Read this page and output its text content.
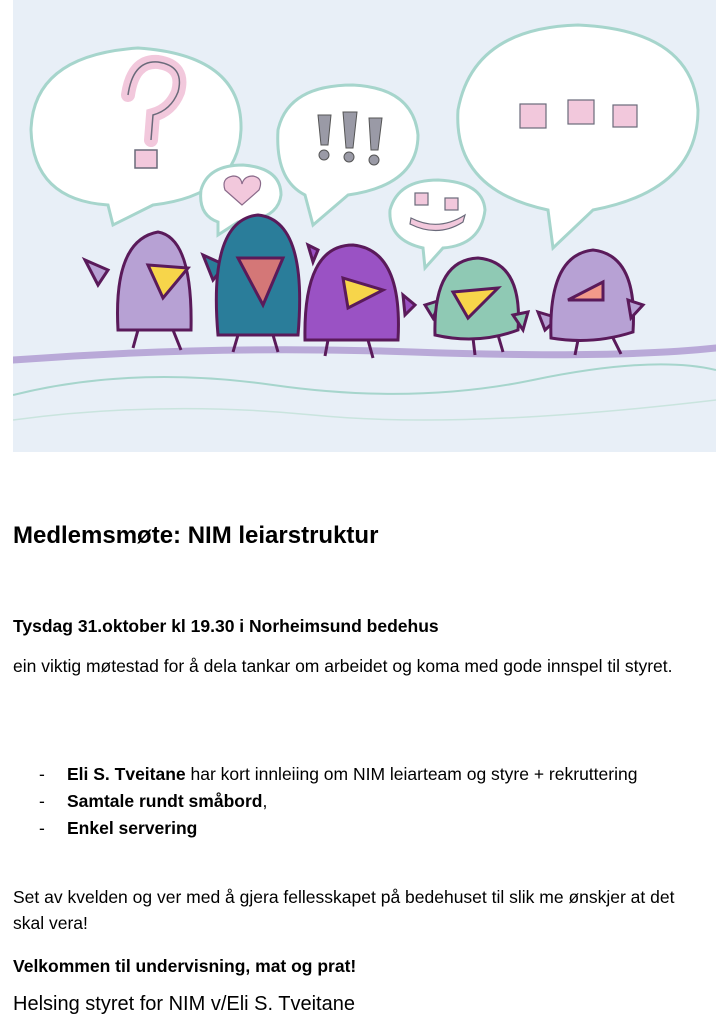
Medlemsmøte: NIM leiarstruktur

Tysdag 31.oktober kl 19.30 i Norheimsund bedehus

ein viktig møtestad for å dela tankar om arbeidet og koma med gode innspel til styret.

- Eli S. Tveitane har kort innleiing om NIM leiarteam og styre + rekruttering
- Samtale rundt småbord,
- Enkel servering

Set av kvelden og ver med å gjera fellesskapet på bedehuset til slik me ønskjer at det skal vera!

Velkommen til undervisning, mat og prat!

Helsing styret for NIM v/Eli S. Tveitane
